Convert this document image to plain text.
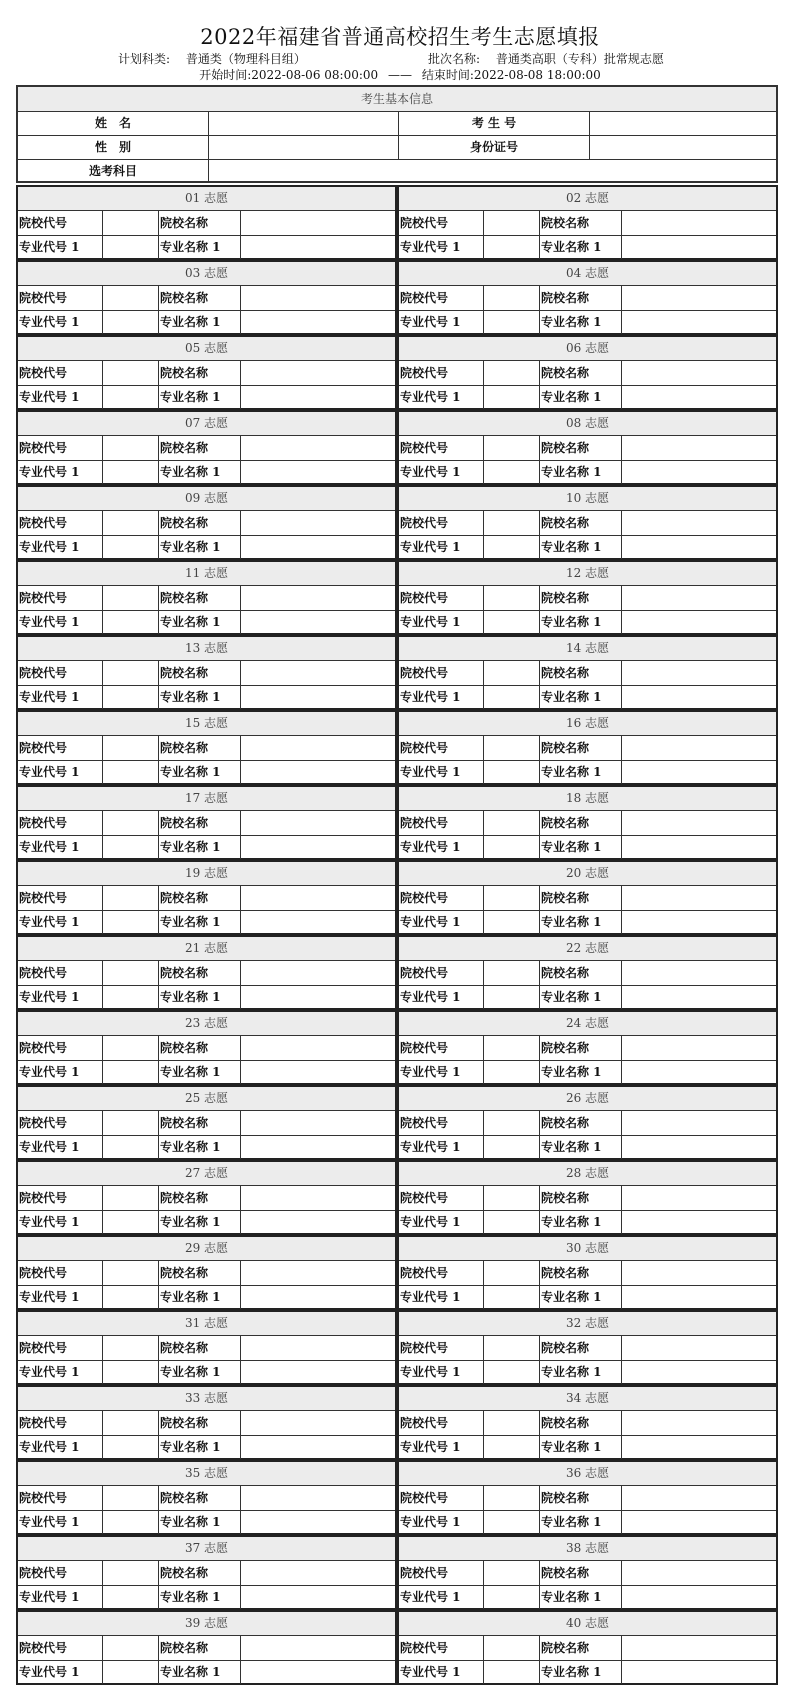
2022年福建省普通高校招生考生志愿填报
计划科类: 普通类（物理科目组）	批次名称: 普通类高职（专科）批常规志愿
开始时间:2022-08-06 08:00:00 —— 结束时间:2022-08-08 18:00:00
考生基本信息
姓　名	考 生 号
性　别	身份证号
选考科目
01 志愿
院校代号	院校名称
专业代号 1	专业名称 1
02 志愿
院校代号	院校名称
专业代号 1	专业名称 1
03 志愿
院校代号	院校名称
专业代号 1	专业名称 1
04 志愿
院校代号	院校名称
专业代号 1	专业名称 1
05 志愿
院校代号	院校名称
专业代号 1	专业名称 1
06 志愿
院校代号	院校名称
专业代号 1	专业名称 1
07 志愿
院校代号	院校名称
专业代号 1	专业名称 1
08 志愿
院校代号	院校名称
专业代号 1	专业名称 1
09 志愿
院校代号	院校名称
专业代号 1	专业名称 1
10 志愿
院校代号	院校名称
专业代号 1	专业名称 1
11 志愿
院校代号	院校名称
专业代号 1	专业名称 1
12 志愿
院校代号	院校名称
专业代号 1	专业名称 1
13 志愿
院校代号	院校名称
专业代号 1	专业名称 1
14 志愿
院校代号	院校名称
专业代号 1	专业名称 1
15 志愿
院校代号	院校名称
专业代号 1	专业名称 1
16 志愿
院校代号	院校名称
专业代号 1	专业名称 1
17 志愿
院校代号	院校名称
专业代号 1	专业名称 1
18 志愿
院校代号	院校名称
专业代号 1	专业名称 1
19 志愿
院校代号	院校名称
专业代号 1	专业名称 1
20 志愿
院校代号	院校名称
专业代号 1	专业名称 1
21 志愿
院校代号	院校名称
专业代号 1	专业名称 1
22 志愿
院校代号	院校名称
专业代号 1	专业名称 1
23 志愿
院校代号	院校名称
专业代号 1	专业名称 1
24 志愿
院校代号	院校名称
专业代号 1	专业名称 1
25 志愿
院校代号	院校名称
专业代号 1	专业名称 1
26 志愿
院校代号	院校名称
专业代号 1	专业名称 1
27 志愿
院校代号	院校名称
专业代号 1	专业名称 1
28 志愿
院校代号	院校名称
专业代号 1	专业名称 1
29 志愿
院校代号	院校名称
专业代号 1	专业名称 1
30 志愿
院校代号	院校名称
专业代号 1	专业名称 1
31 志愿
院校代号	院校名称
专业代号 1	专业名称 1
32 志愿
院校代号	院校名称
专业代号 1	专业名称 1
33 志愿
院校代号	院校名称
专业代号 1	专业名称 1
34 志愿
院校代号	院校名称
专业代号 1	专业名称 1
35 志愿
院校代号	院校名称
专业代号 1	专业名称 1
36 志愿
院校代号	院校名称
专业代号 1	专业名称 1
37 志愿
院校代号	院校名称
专业代号 1	专业名称 1
38 志愿
院校代号	院校名称
专业代号 1	专业名称 1
39 志愿
院校代号	院校名称
专业代号 1	专业名称 1
40 志愿
院校代号	院校名称
专业代号 1	专业名称 1
